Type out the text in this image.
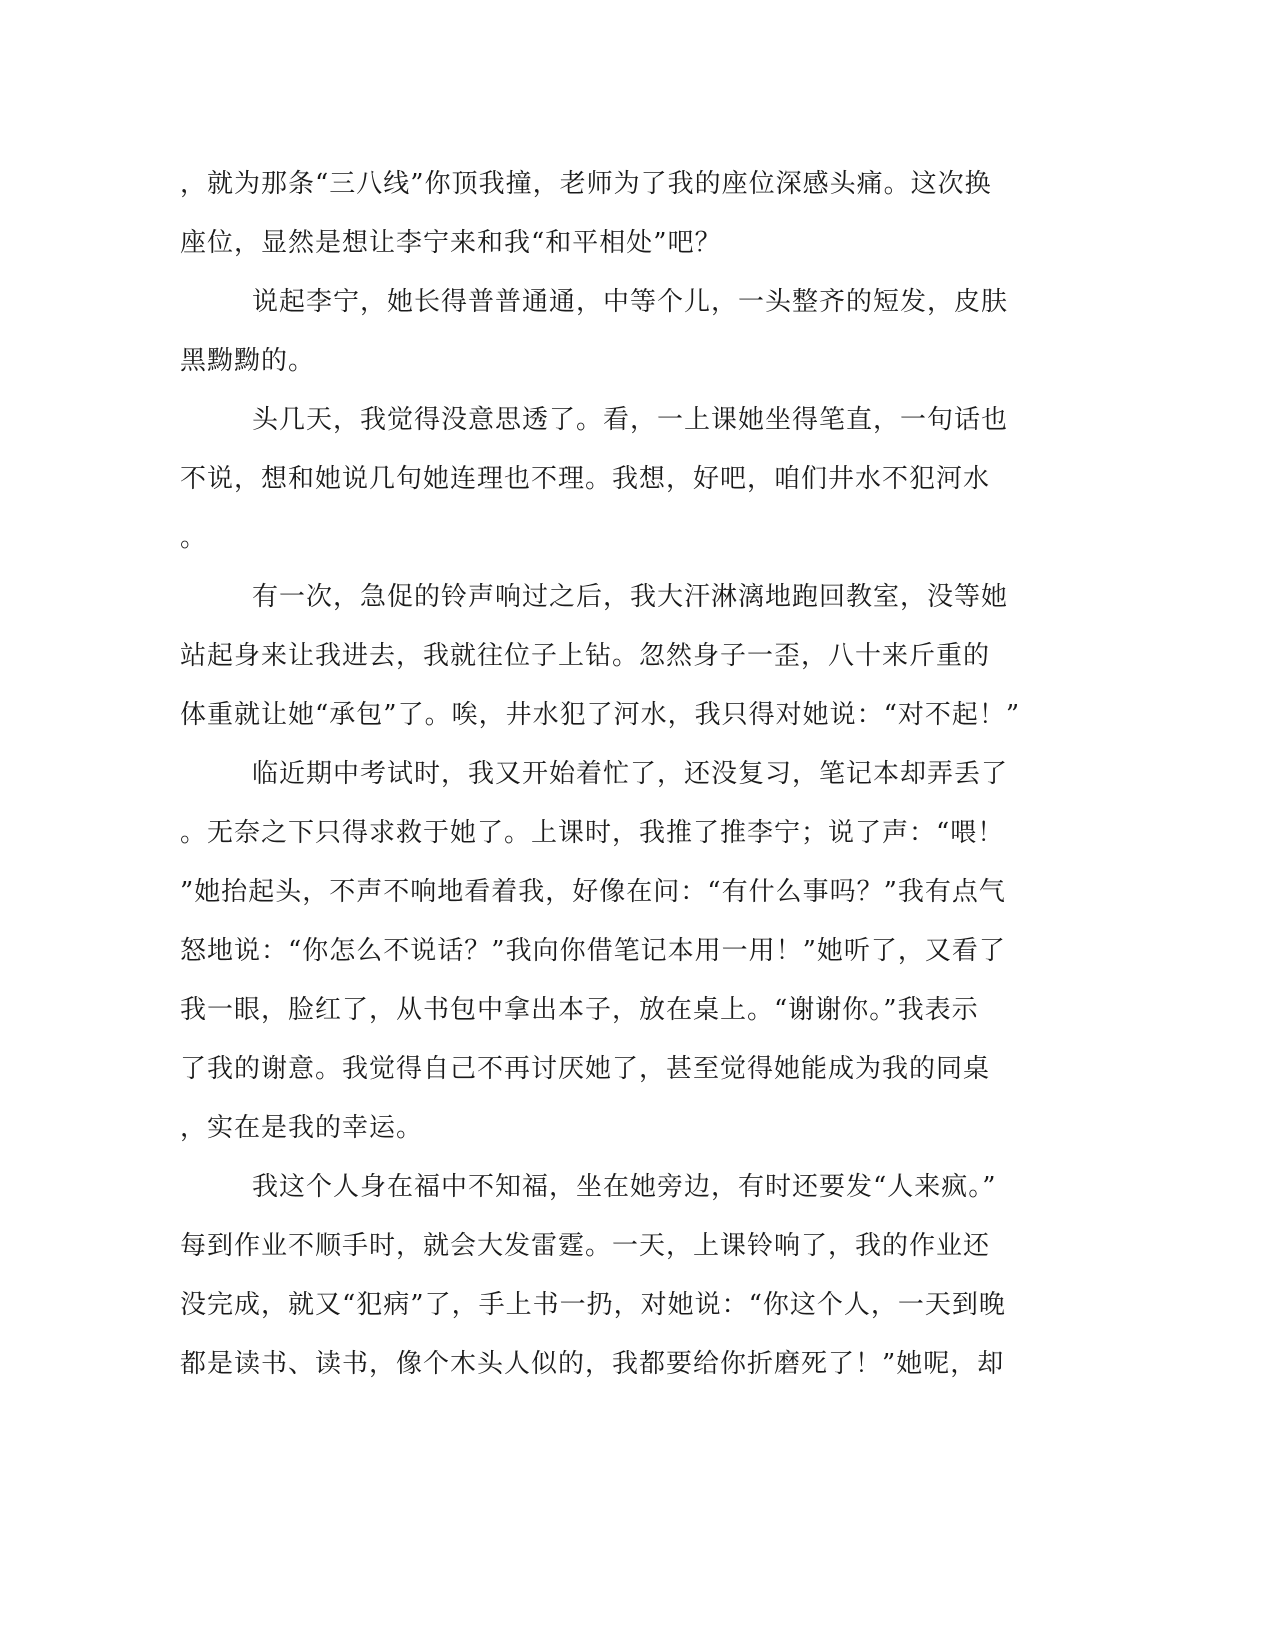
，就为那条“三八线”你顶我撞，老师为了我的座位深感头痛。这次换
座位，显然是想让李宁来和我“和平相处”吧？
说起李宁，她长得普普通通，中等个儿，一头整齐的短发，皮肤
黑黝黝的。
头几天，我觉得没意思透了。看，一上课她坐得笔直，一句话也
不说，想和她说几句她连理也不理。我想，好吧，咱们井水不犯河水
。
有一次，急促的铃声响过之后，我大汗淋漓地跑回教室，没等她
站起身来让我进去，我就往位子上钻。忽然身子一歪，八十来斤重的
体重就让她“承包”了。唉，井水犯了河水，我只得对她说：“对不起！”
临近期中考试时，我又开始着忙了，还没复习，笔记本却弄丢了
。无奈之下只得求救于她了。上课时，我推了推李宁；说了声：“喂！
”她抬起头，不声不响地看着我，好像在问：“有什么事吗？”我有点气
怒地说：“你怎么不说话？”我向你借笔记本用一用！”她听了，又看了
我一眼，脸红了，从书包中拿出本子，放在桌上。“谢谢你。”我表示
了我的谢意。我觉得自己不再讨厌她了，甚至觉得她能成为我的同桌
，实在是我的幸运。
我这个人身在福中不知福，坐在她旁边，有时还要发“人来疯。”
每到作业不顺手时，就会大发雷霆。一天，上课铃响了，我的作业还
没完成，就又“犯病”了，手上书一扔，对她说：“你这个人，一天到晚
都是读书、读书，像个木头人似的，我都要给你折磨死了！”她呢，却
